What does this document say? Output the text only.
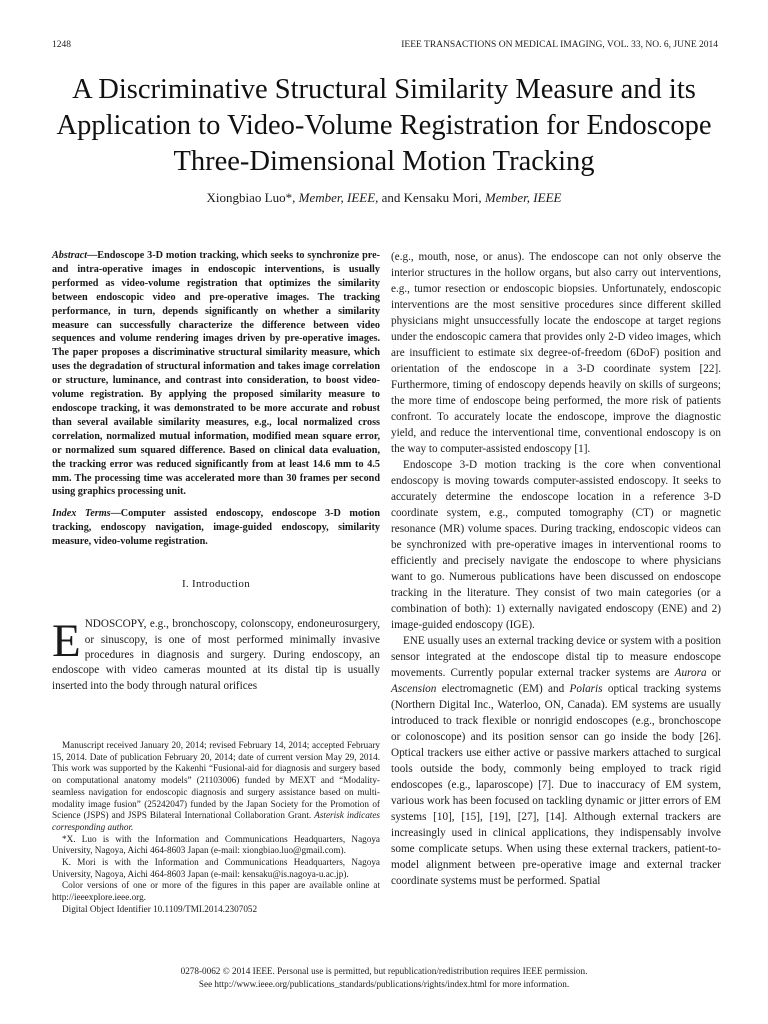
1248	IEEE TRANSACTIONS ON MEDICAL IMAGING, VOL. 33, NO. 6, JUNE 2014
A Discriminative Structural Similarity Measure and its Application to Video-Volume Registration for Endoscope Three-Dimensional Motion Tracking
Xiongbiao Luo*, Member, IEEE, and Kensaku Mori, Member, IEEE

Abstract—Endoscope 3-D motion tracking, which seeks to synchronize pre- and intra-operative images in endoscopic interventions, is usually performed as video-volume registration that optimizes the similarity between endoscopic video and pre-operative images. The tracking performance, in turn, depends significantly on whether a similarity measure can successfully characterize the difference between video sequences and volume rendering images driven by pre-operative images. The paper proposes a discriminative structural similarity measure, which uses the degradation of structural information and takes image correlation or structure, luminance, and contrast into consideration, to boost video-volume registration. By applying the proposed similarity measure to endoscope tracking, it was demonstrated to be more accurate and robust than several available similarity measures, e.g., local normalized cross correlation, normalized mutual information, modified mean square error, or normalized sum squared difference. Based on clinical data evaluation, the tracking error was reduced significantly from at least 14.6 mm to 4.5 mm. The processing time was accelerated more than 30 frames per second using graphics processing unit.

Index Terms—Computer assisted endoscopy, endoscope 3-D motion tracking, endoscopy navigation, image-guided endoscopy, similarity measure, video-volume registration.

I. Introduction

ENDOSCOPY, e.g., bronchoscopy, colonscopy, endoneurosurgery, or sinuscopy, is one of most performed minimally invasive procedures in diagnosis and surgery. During endoscopy, an endoscope with video cameras mounted at its distal tip is usually inserted into the body through natural orifices

Manuscript received January 20, 2014; revised February 14, 2014; accepted February 15, 2014. Date of publication February 20, 2014; date of current version May 29, 2014. This work was supported by the Kakenhi “Fusional-aid for diagnosis and surgery based on computational anatomy models” (21103006) funded by MEXT and “Modality-seamless navigation for endoscopic diagnosis and surgery assistance based on multi-modality image fusion” (25242047) funded by the Japan Society for the Promotion of Science (JSPS) and JSPS Bilateral International Collaboration Grant. Asterisk indicates corresponding author.

*X. Luo is with the Information and Communications Headquarters, Nagoya University, Nagoya, Aichi 464-8603 Japan (e-mail: xiongbiao.luo@gmail.com).

K. Mori is with the Information and Communications Headquarters, Nagoya University, Nagoya, Aichi 464-8603 Japan (e-mail: kensaku@is.nagoya-u.ac.jp).

Color versions of one or more of the figures in this paper are available online at http://ieeexplore.ieee.org.

Digital Object Identifier 10.1109/TMI.2014.2307052

(e.g., mouth, nose, or anus). The endoscope can not only observe the interior structures in the hollow organs, but also carry out interventions, e.g., tumor resection or endoscopic biopsies. Unfortunately, endoscopic interventions are the most sensitive procedures since different skilled physicians might unsuccessfully locate the endoscope at target regions under the endoscopic camera that provides only 2-D video images, which are insufficient to estimate six degree-of-freedom (6DoF) position and orientation of the endoscope in a 3-D coordinate system [22]. Furthermore, timing of endoscopy depends heavily on skills of surgeons; the more time of endoscope being performed, the more risk of patients confront. To accurately locate the endoscope, improve the diagnostic yield, and reduce the interventional time, conventional endoscopy is on the way to computer-assisted endoscopy [1].

Endoscope 3-D motion tracking is the core when conventional endoscopy is moving towards computer-assisted endoscopy. It seeks to accurately determine the endoscope location in a reference 3-D coordinate system, e.g., computed tomography (CT) or magnetic resonance (MR) volume spaces. During tracking, endoscopic videos can be synchronized with pre-operative images in interventional rooms to efficiently and precisely navigate the endoscope to where physicians want to go. Numerous publications have been discussed on endoscope tracking in the literature. They consist of two main categories (or a combination of both): 1) externally navigated endoscopy (ENE) and 2) image-guided endoscopy (IGE).

ENE usually uses an external tracking device or system with a position sensor integrated at the endoscope distal tip to measure endoscope movements. Currently popular external tracker systems are Aurora or Ascension electromagnetic (EM) and Polaris optical tracking systems (Northern Digital Inc., Waterloo, ON, Canada). EM systems are usually introduced to track flexible or nonrigid endoscopes (e.g., bronchoscope or colonoscope) and its position sensor can go inside the body [26]. Optical trackers use either active or passive markers attached to surgical tools outside the body, commonly being employed to track rigid endoscopes (e.g., laparoscope) [7]. Due to inaccuracy of EM system, various work has been focused on tackling dynamic or jitter errors of EM systems [10], [15], [19], [27], [14]. Although external trackers are increasingly used in clinical applications, they indispensably involve some complicate setups. When using these external trackers, patient-to-model alignment between pre-operative image and external tracker coordinate systems must be performed. Spatial

0278-0062 © 2014 IEEE. Personal use is permitted, but republication/redistribution requires IEEE permission.
See http://www.ieee.org/publications_standards/publications/rights/index.html for more information.
